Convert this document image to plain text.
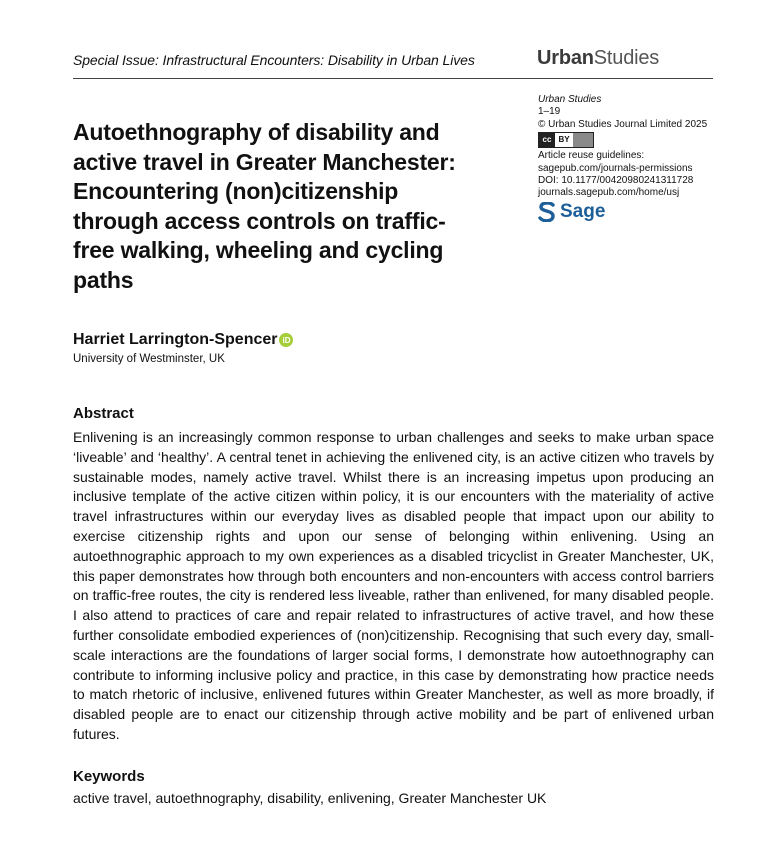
Special Issue: Infrastructural Encounters: Disability in Urban Lives	UrbanStudies
Autoethnography of disability and active travel in Greater Manchester: Encountering (non)citizenship through access controls on traffic-free walking, wheeling and cycling paths
Urban Studies
1–19
© Urban Studies Journal Limited 2025
cc BY
Article reuse guidelines:
sagepub.com/journals-permissions
DOI: 10.1177/00420980241311728
journals.sagepub.com/home/usj
Sage
Harriet Larrington-Spencer iD
University of Westminster, UK
Abstract
Enlivening is an increasingly common response to urban challenges and seeks to make urban space ‘liveable’ and ‘healthy’. A central tenet in achieving the enlivened city, is an active citizen who travels by sustainable modes, namely active travel. Whilst there is an increasing impetus upon producing an inclusive template of the active citizen within policy, it is our encounters with the materiality of active travel infrastructures within our everyday lives as disabled people that impact upon our ability to exercise citizenship rights and upon our sense of belonging within enlivening. Using an autoethnographic approach to my own experiences as a disabled tricyclist in Greater Manchester, UK, this paper demonstrates how through both encounters and non-encounters with access control barriers on traffic-free routes, the city is rendered less liveable, rather than enlivened, for many disabled people. I also attend to practices of care and repair related to infrastructures of active travel, and how these further consolidate embodied experiences of (non)citizenship. Recognising that such every day, small-scale interactions are the foundations of larger social forms, I demonstrate how autoethnography can contribute to informing inclusive policy and practice, in this case by demonstrating how practice needs to match rhetoric of inclusive, enlivened futures within Greater Manchester, as well as more broadly, if disabled people are to enact our citizenship through active mobility and be part of enlivened urban futures.
Keywords
active travel, autoethnography, disability, enlivening, Greater Manchester UK
